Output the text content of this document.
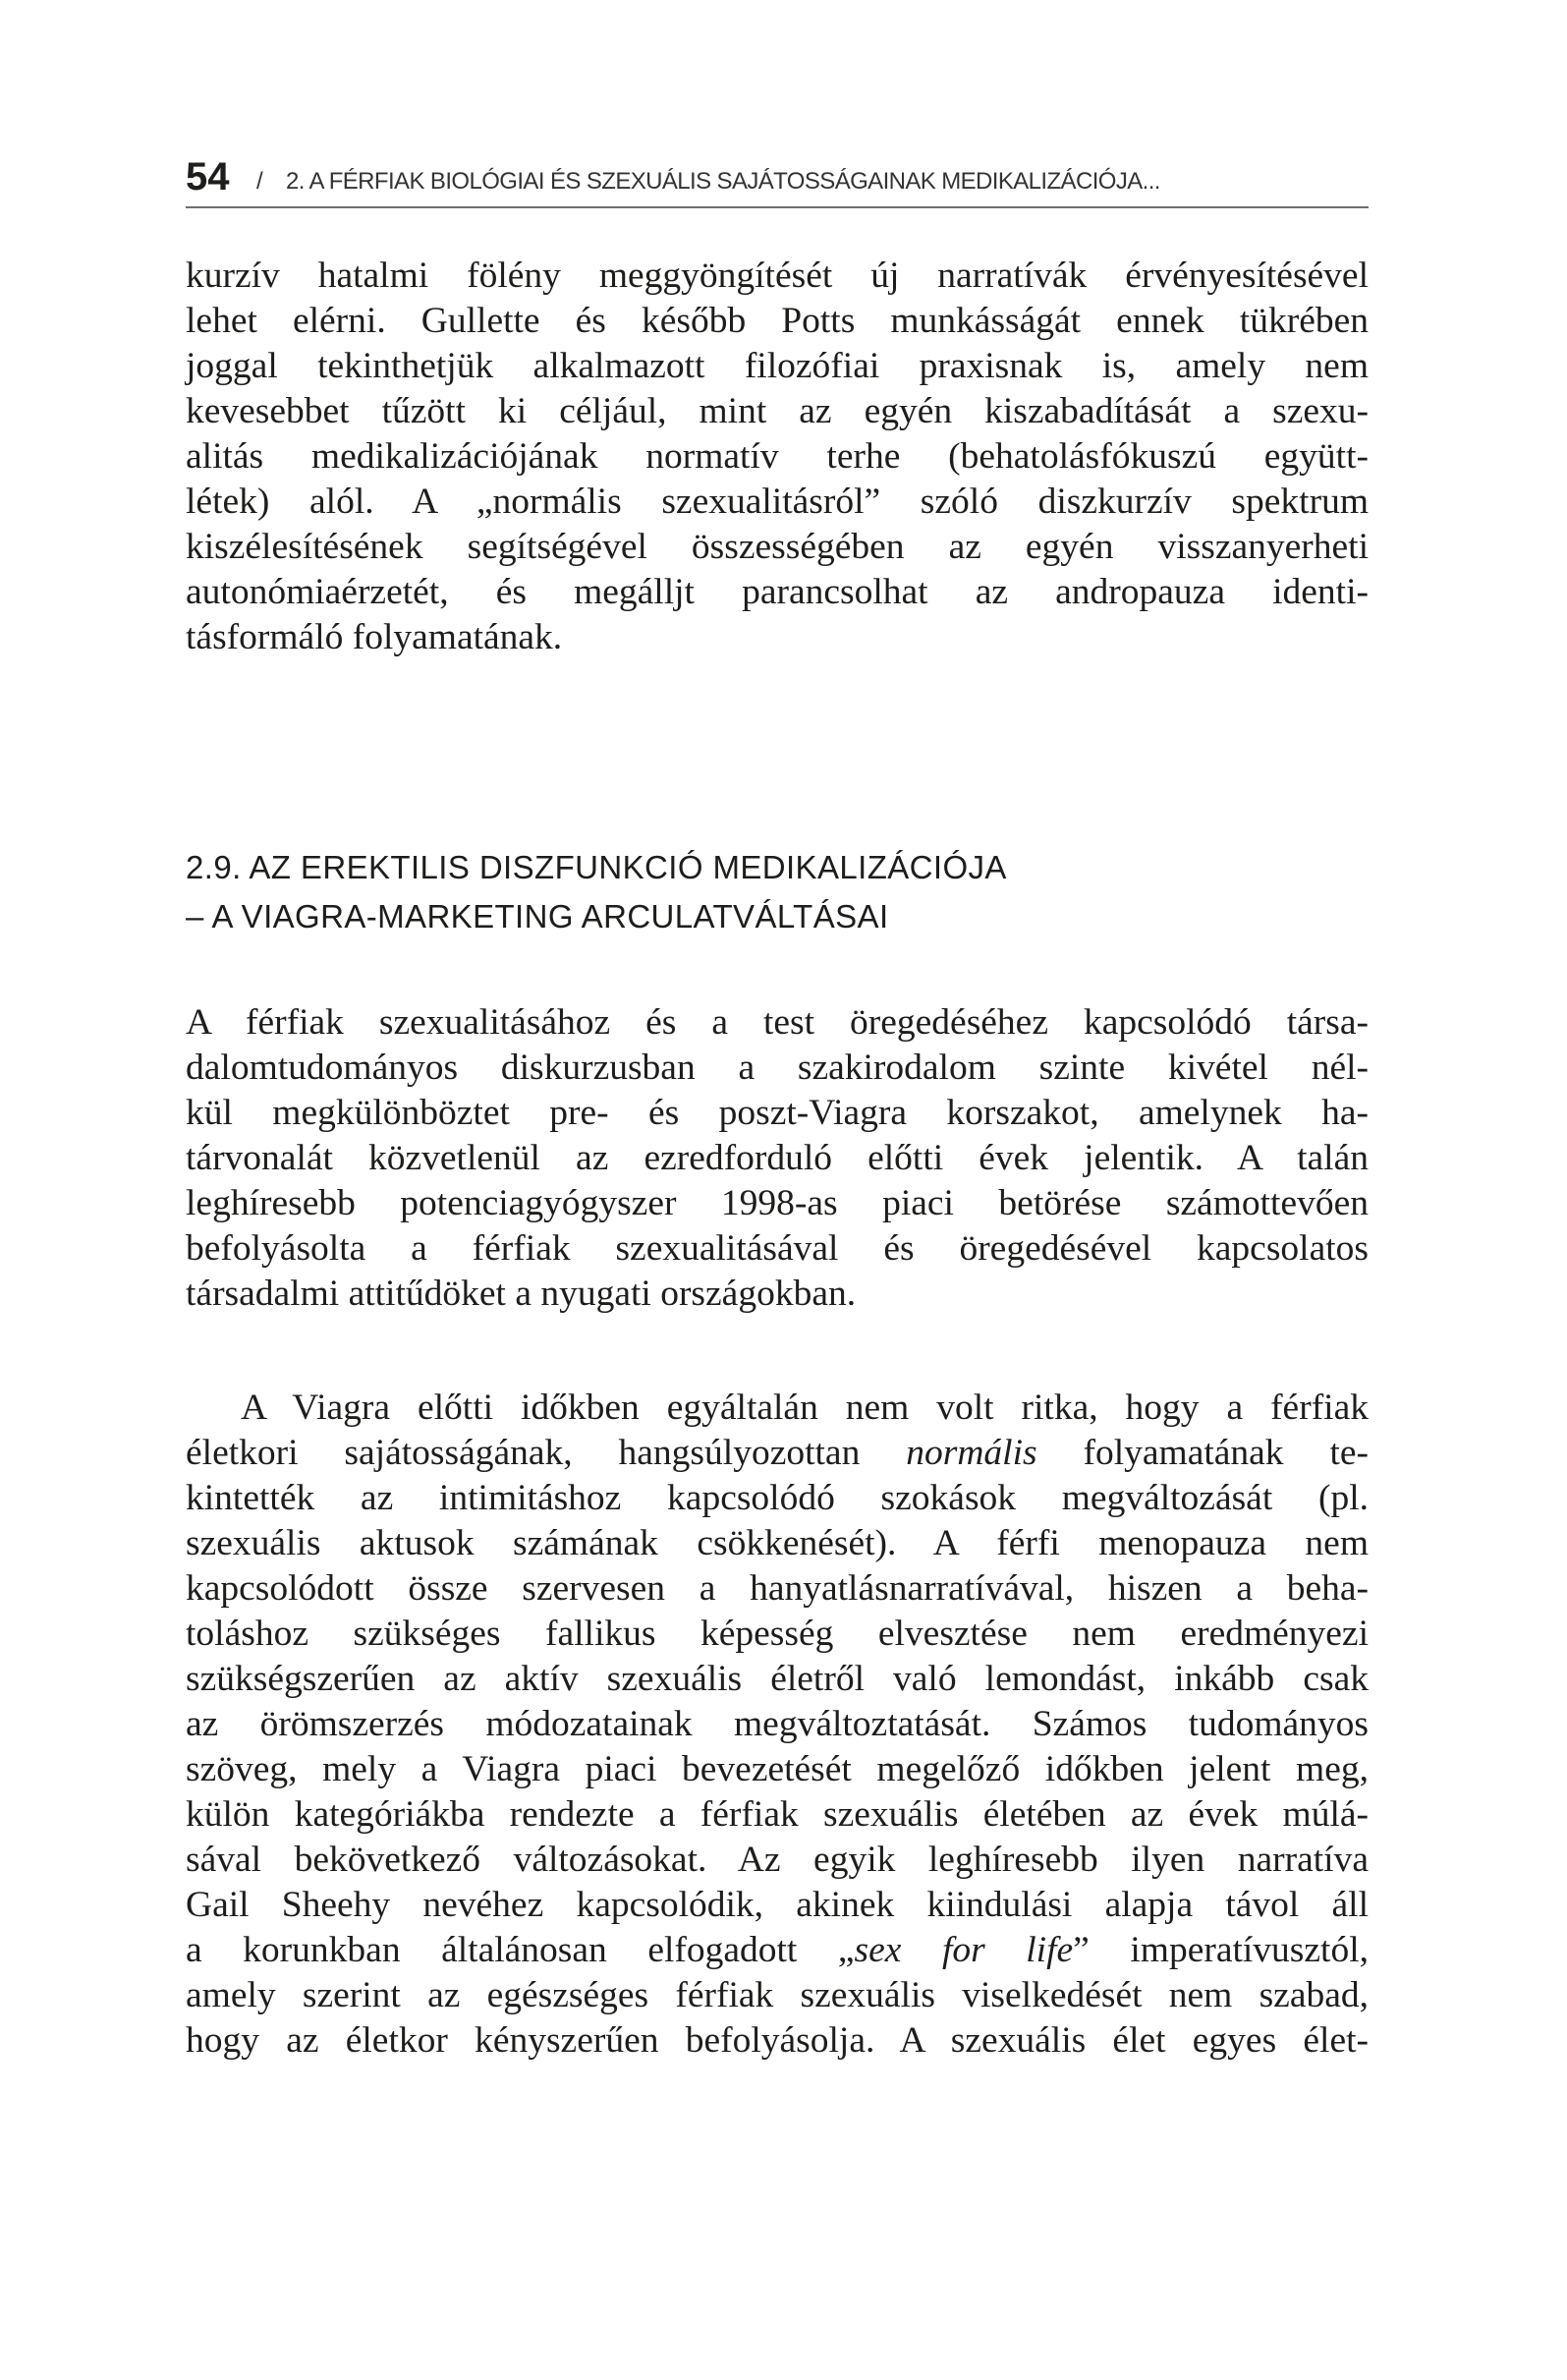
54 / 2. A FÉRFIAK BIOLÓGIAI ÉS SZEXUÁLIS SAJÁTOSSÁGAINAK MEDIKALIZÁCIÓJA...
kurzív hatalmi fölény meggyöngítését új narratívák érvényesítésével
lehet elérni. Gullette és később Potts munkásságát ennek tükrében
joggal tekinthetjük alkalmazott filozófiai praxisnak is, amely nem
kevesebbet tűzött ki céljául, mint az egyén kiszabadítását a szexu-
alitás medikalizációjának normatív terhe (behatolásfókuszú együtt-
létek) alól. A „normális szexualitásról” szóló diszkurzív spektrum
kiszélesítésének segítségével összességében az egyén visszanyerheti
autonómiaérzetét, és megálljt parancsolhat az andropauza identi-
tásformáló folyamatának.
2.9. AZ EREKTILIS DISZFUNKCIÓ MEDIKALIZÁCIÓJA
– A VIAGRA-MARKETING ARCULATVÁLTÁSAI
A férfiak szexualitásához és a test öregedéséhez kapcsolódó társa-
dalomtudományos diskurzusban a szakirodalom szinte kivétel nél-
kül megkülönböztet pre- és poszt-Viagra korszakot, amelynek ha-
tárvonalát közvetlenül az ezredforduló előtti évek jelentik. A talán
leghíresebb potenciagyógyszer 1998-as piaci betörése számottevően
befolyásolta a férfiak szexualitásával és öregedésével kapcsolatos
társadalmi attitűdöket a nyugati országokban.
A Viagra előtti időkben egyáltalán nem volt ritka, hogy a férfiak
életkori sajátosságának, hangsúlyozottan normális folyamatának te-
kintették az intimitáshoz kapcsolódó szokások megváltozását (pl.
szexuális aktusok számának csökkenését). A férfi menopauza nem
kapcsolódott össze szervesen a hanyatlásnarratívával, hiszen a beha-
toláshoz szükséges fallikus képesség elvesztése nem eredményezi
szükségszerűen az aktív szexuális életről való lemondást, inkább csak
az örömszerzés módozatainak megváltoztatását. Számos tudományos
szöveg, mely a Viagra piaci bevezetését megelőző időkben jelent meg,
külön kategóriákba rendezte a férfiak szexuális életében az évek múlá-
sával bekövetkező változásokat. Az egyik leghíresebb ilyen narratíva
Gail Sheehy nevéhez kapcsolódik, akinek kiindulási alapja távol áll
a korunkban általánosan elfogadott „sex for life” imperatívusztól,
amely szerint az egészséges férfiak szexuális viselkedését nem szabad,
hogy az életkor kényszerűen befolyásolja. A szexuális élet egyes élet-
